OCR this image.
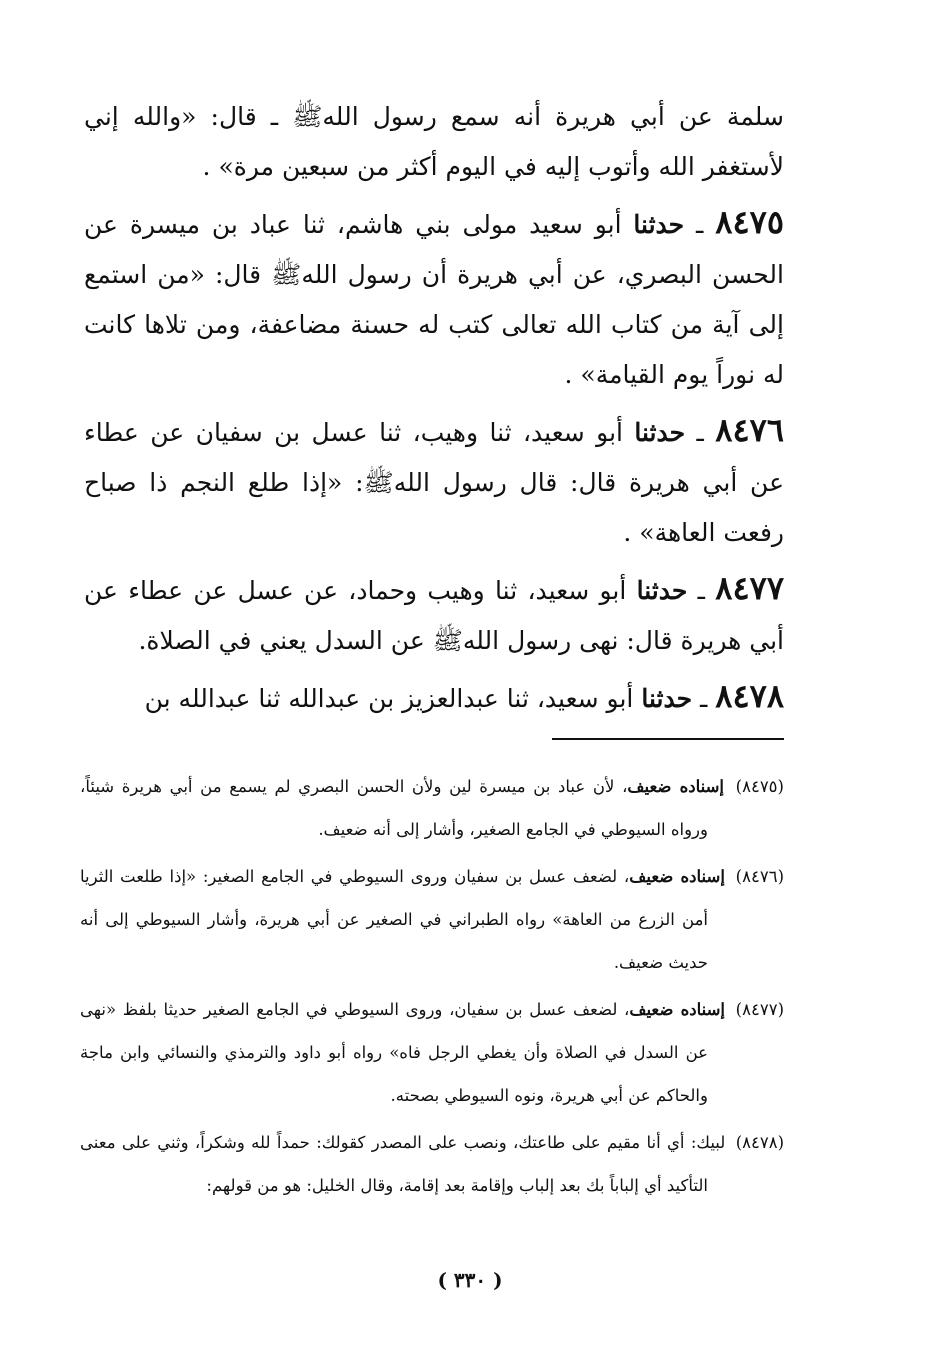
سلمة عن أبي هريرة أنه سمع رسول اللهﷺ ـ قال: «والله إني لأستغفر الله وأتوب إليه في اليوم أكثر من سبعين مرة» .

٨٤٧٥ ـ حدثنا أبو سعيد مولى بني هاشم، ثنا عباد بن ميسرة عن الحسن البصري، عن أبي هريرة أن رسول اللهﷺ قال: «من استمع إلى آية من كتاب الله تعالى كتب له حسنة مضاعفة، ومن تلاها كانت له نوراً يوم القيامة» .

٨٤٧٦ ـ حدثنا أبو سعيد، ثنا وهيب، ثنا عسل بن سفيان عن عطاء عن أبي هريرة قال: قال رسول اللهﷺ: «إذا طلع النجم ذا صباح رفعت العاهة» .

٨٤٧٧ ـ حدثنا أبو سعيد، ثنا وهيب وحماد، عن عسل عن عطاء عن أبي هريرة قال: نهى رسول اللهﷺ عن السدل يعني في الصلاة.

٨٤٧٨ ـ حدثنا أبو سعيد، ثنا عبدالعزيز بن عبدالله ثنا عبدالله بن

(٨٤٧٥) إسناده ضعيف، لأن عباد بن ميسرة لين ولأن الحسن البصري لم يسمع من أبي هريرة شيئاً، ورواه السيوطي في الجامع الصغير، وأشار إلى أنه ضعيف.

(٨٤٧٦) إسناده ضعيف، لضعف عسل بن سفيان وروى السيوطي في الجامع الصغير: «إذا طلعت الثريا أمن الزرع من العاهة» رواه الطبراني في الصغير عن أبي هريرة، وأشار السيوطي إلى أنه حديث ضعيف.

(٨٤٧٧) إسناده ضعيف، لضعف عسل بن سفيان، وروى السيوطي في الجامع الصغير حديثا بلفظ «نهى عن السدل في الصلاة وأن يغطي الرجل فاه» رواه أبو داود والترمذي والنسائي وابن ماجة والحاكم عن أبي هريرة، ونوه السيوطي بصحته.

(٨٤٧٨) لبيك: أي أنا مقيم على طاعتك، ونصب على المصدر كقولك: حمداً لله وشكراً، وثني على معنى التأكيد أي إلباباً بك بعد إلباب وإقامة بعد إقامة، وقال الخليل: هو من قولهم:

( ٣٣٠ )
